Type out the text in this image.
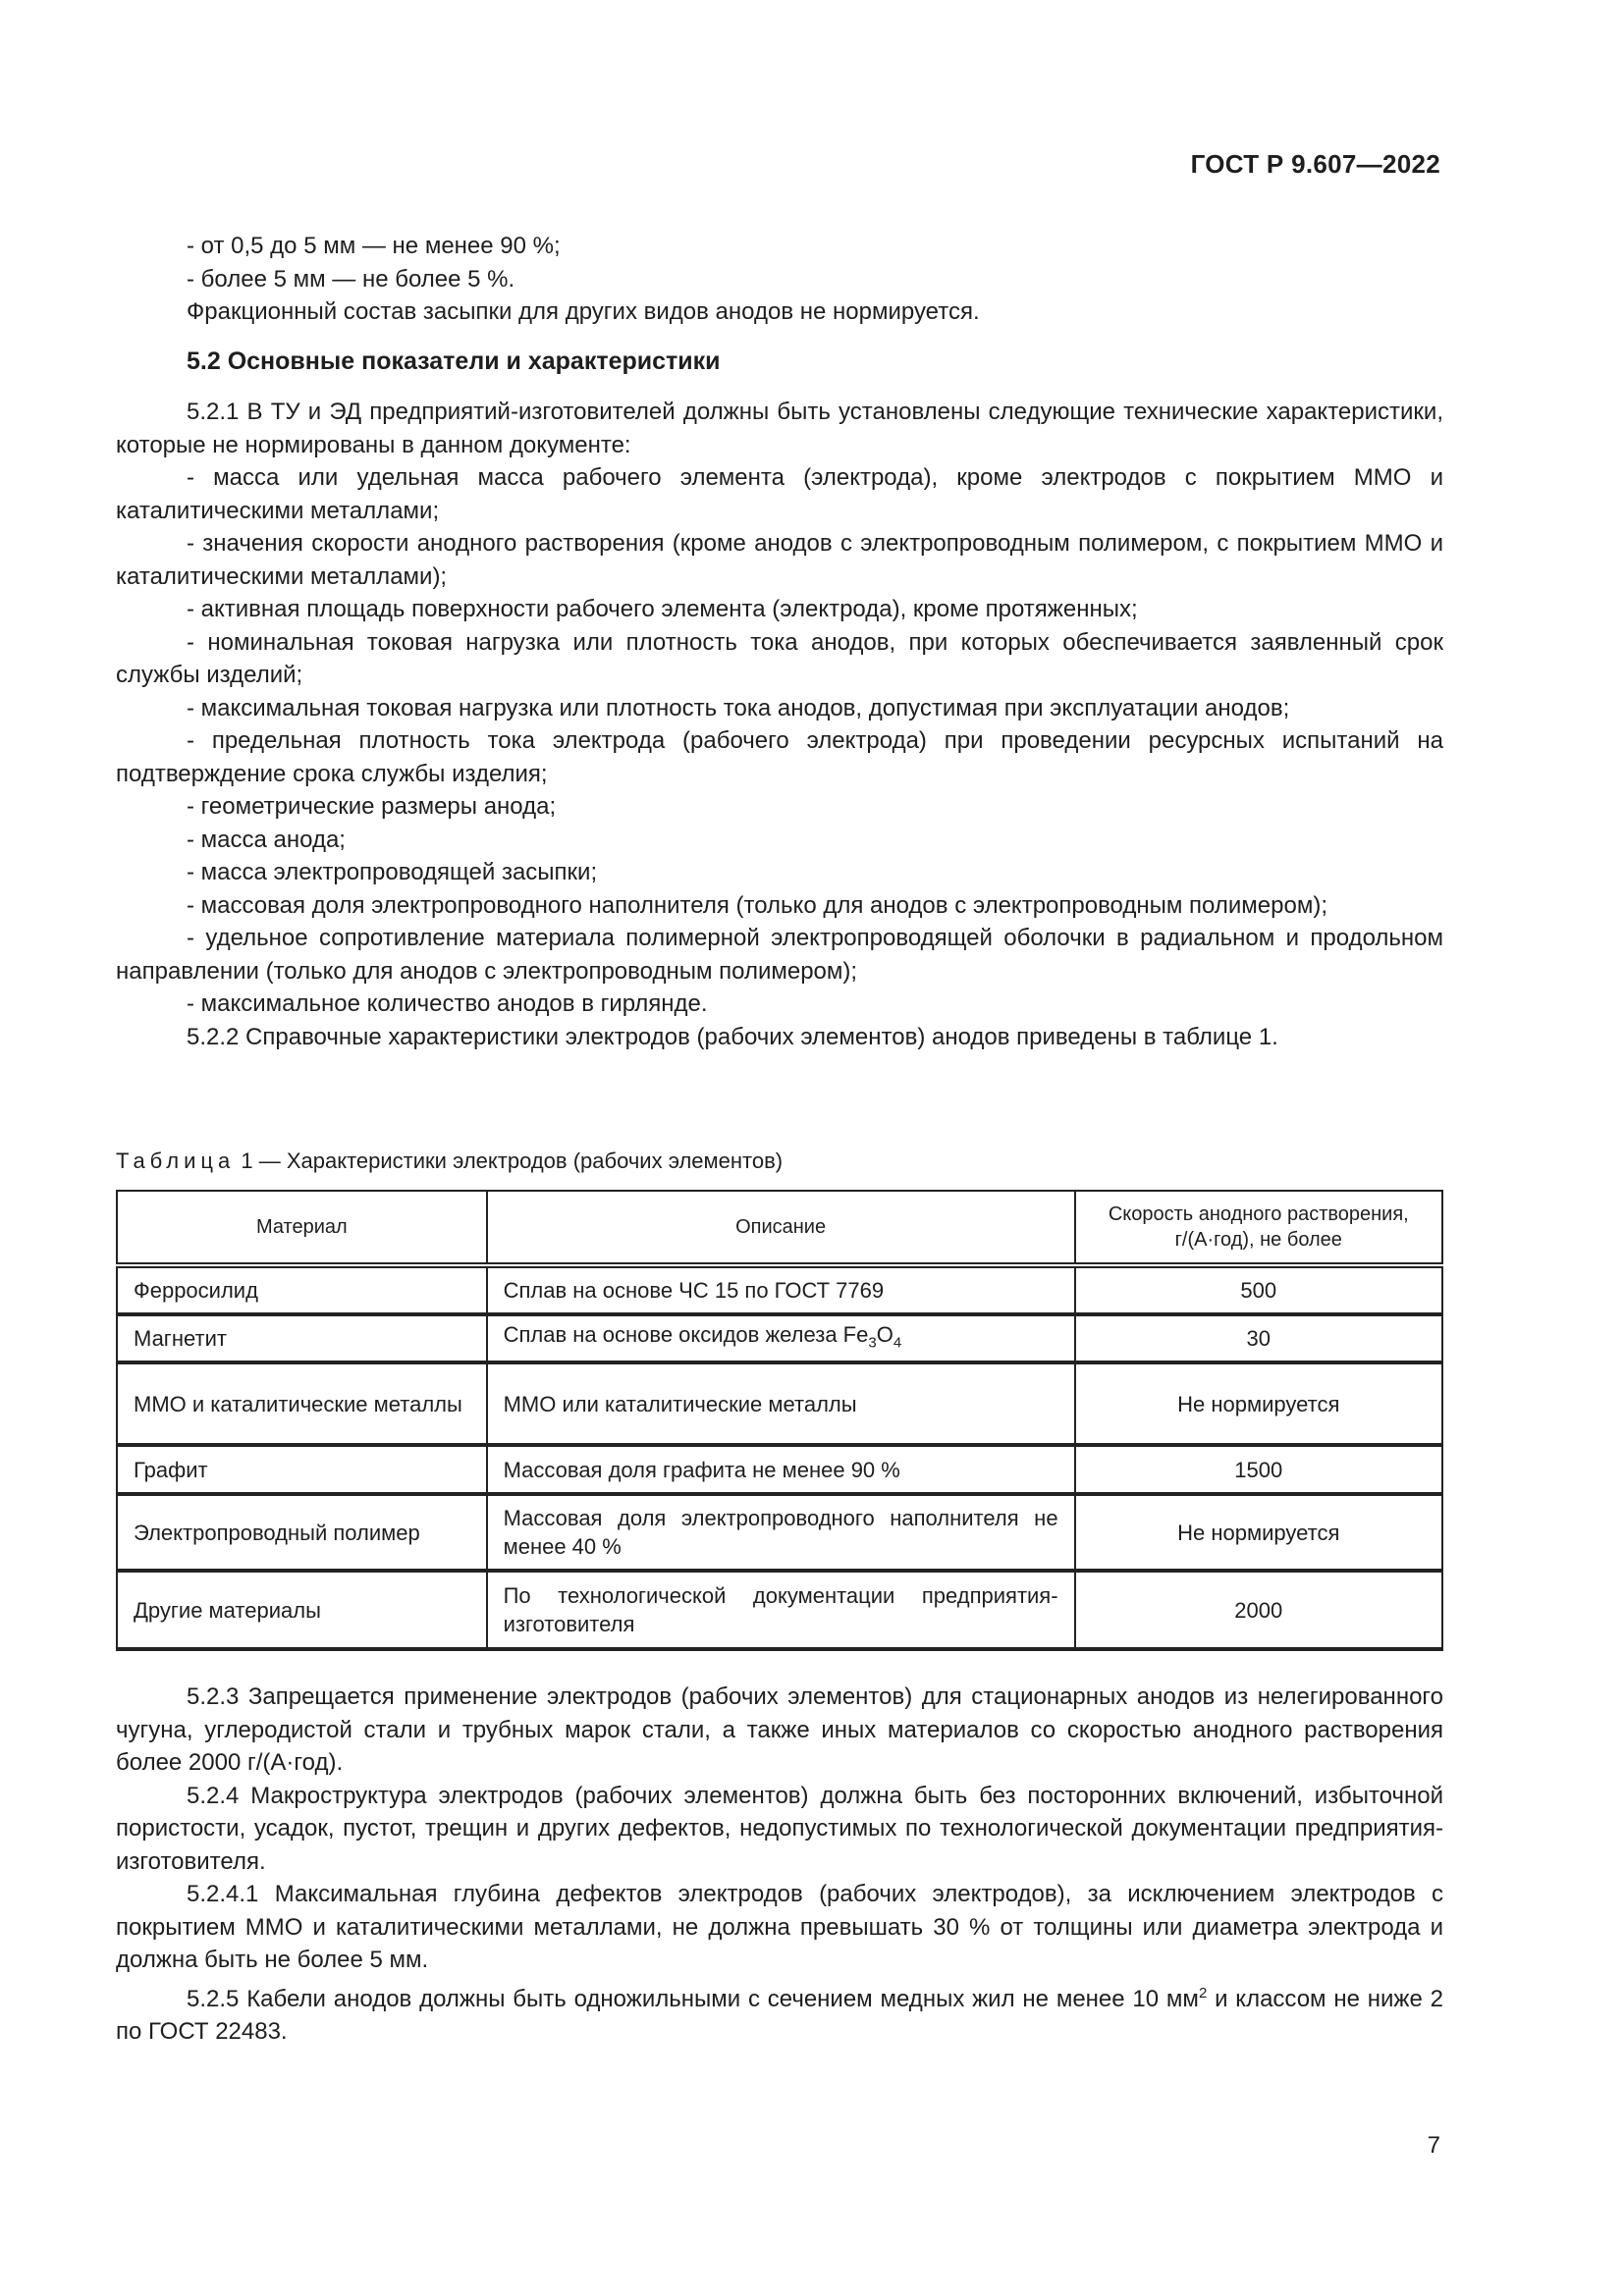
ГОСТ Р 9.607—2022

- от 0,5 до 5 мм — не менее 90 %;

- более 5 мм — не более 5 %.

Фракционный состав засыпки для других видов анодов не нормируется.

5.2 Основные показатели и характеристики

5.2.1 В ТУ и ЭД предприятий-изготовителей должны быть установлены следующие технические характеристики, которые не нормированы в данном документе:

- масса или удельная масса рабочего элемента (электрода), кроме электродов с покрытием ММО и каталитическими металлами;

- значения скорости анодного растворения (кроме анодов с электропроводным полимером, с покрытием ММО и каталитическими металлами);

- активная площадь поверхности рабочего элемента (электрода), кроме протяженных;

- номинальная токовая нагрузка или плотность тока анодов, при которых обеспечивается заявленный срок службы изделий;

- максимальная токовая нагрузка или плотность тока анодов, допустимая при эксплуатации анодов;

- предельная плотность тока электрода (рабочего электрода) при проведении ресурсных испытаний на подтверждение срока службы изделия;

- геометрические размеры анода;

- масса анода;

- масса электропроводящей засыпки;

- массовая доля электропроводного наполнителя (только для анодов с электропроводным полимером);

- удельное сопротивление материала полимерной электропроводящей оболочки в радиальном и продольном направлении (только для анодов с электропроводным полимером);

- максимальное количество анодов в гирлянде.

5.2.2 Справочные характеристики электродов (рабочих элементов) анодов приведены в таблице 1.

Таблица 1 — Характеристики электродов (рабочих элементов)
Материал	Описание	Скорость анодного растворения, г/(А·год), не более
Ферросилид	Сплав на основе ЧС 15 по ГОСТ 7769	500
Магнетит	Сплав на основе оксидов железа $Fe_3O_4$	30
ММО и каталитические металлы	ММО или каталитические металлы	Не нормируется
Графит	Массовая доля графита не менее 90 %	1500
Электропроводный полимер	Массовая доля электропроводного наполнителя не менее 40 %	Не нормируется
Другие материалы	По технологической документации предприятия-изготовителя	2000

5.2.3 Запрещается применение электродов (рабочих элементов) для стационарных анодов из нелегированного чугуна, углеродистой стали и трубных марок стали, а также иных материалов со скоростью анодного растворения более 2000 г/(А·год).

5.2.4 Макроструктура электродов (рабочих элементов) должна быть без посторонних включений, избыточной пористости, усадок, пустот, трещин и других дефектов, недопустимых по технологической документации предприятия-изготовителя.

5.2.4.1 Максимальная глубина дефектов электродов (рабочих электродов), за исключением электродов с покрытием ММО и каталитическими металлами, не должна превышать 30 % от толщины или диаметра электрода и должна быть не более 5 мм.

5.2.5 Кабели анодов должны быть одножильными с сечением медных жил не менее 10 $мм^2$ и классом не ниже 2 по ГОСТ 22483.

7
